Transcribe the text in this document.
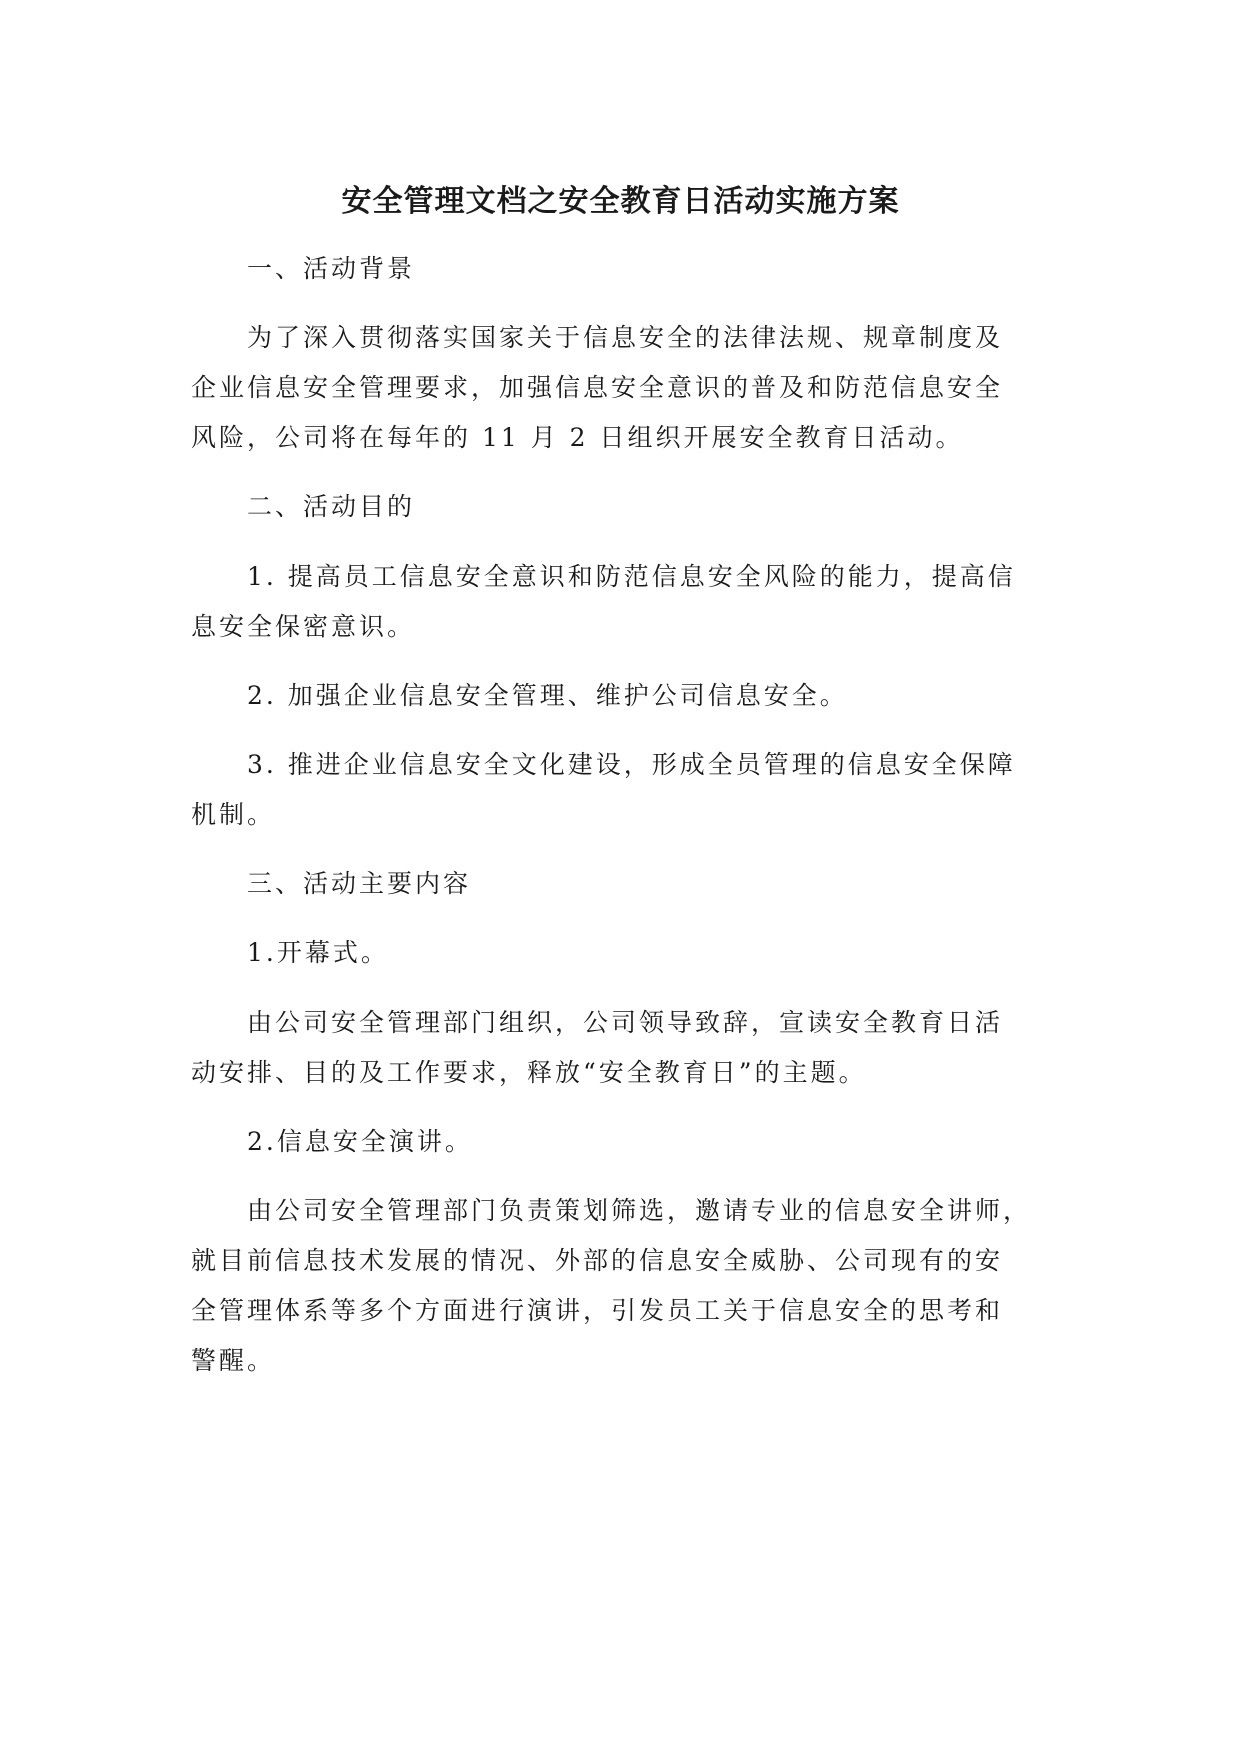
安全管理文档之安全教育日活动实施方案
一、活动背景
为了深入贯彻落实国家关于信息安全的法律法规、规章制度及
企业信息安全管理要求，加强信息安全意识的普及和防范信息安全
风险，公司将在每年的 11 月 2 日组织开展安全教育日活动。
二、活动目的
1. 提高员工信息安全意识和防范信息安全风险的能力，提高信
息安全保密意识。
2. 加强企业信息安全管理、维护公司信息安全。
3. 推进企业信息安全文化建设，形成全员管理的信息安全保障
机制。
三、活动主要内容
1.开幕式。
由公司安全管理部门组织，公司领导致辞，宣读安全教育日活
动安排、目的及工作要求，释放“安全教育日”的主题。
2.信息安全演讲。
由公司安全管理部门负责策划筛选，邀请专业的信息安全讲师，
就目前信息技术发展的情况、外部的信息安全威胁、公司现有的安
全管理体系等多个方面进行演讲，引发员工关于信息安全的思考和
警醒。
